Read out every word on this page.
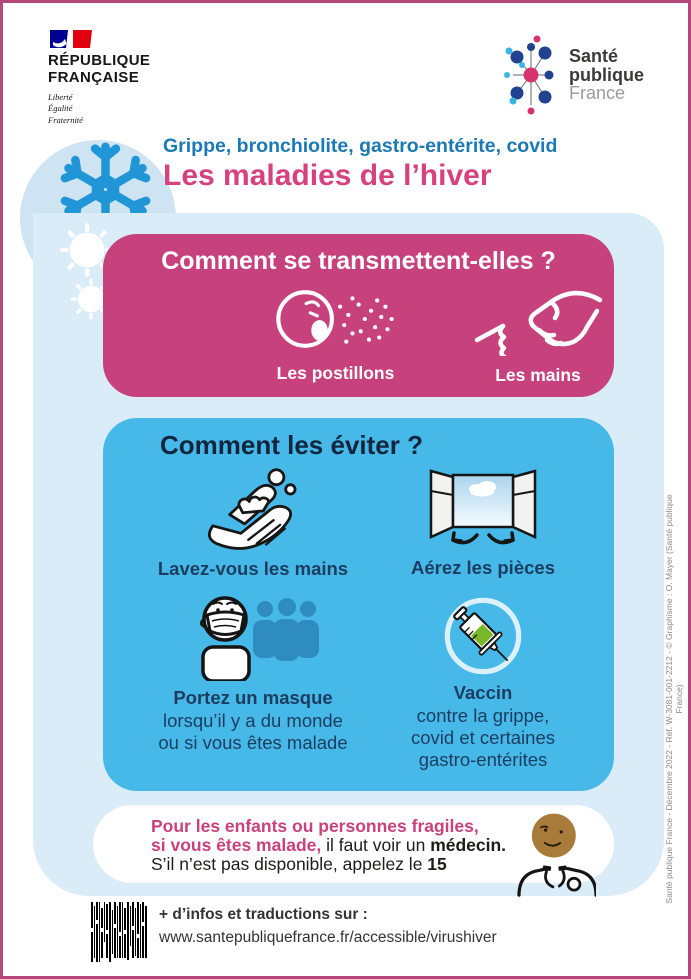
RÉPUBLIQUE
FRANÇAISE
Liberté
Égalité
Fraternité
Santé
publique
France
Grippe, bronchiolite, gastro-entérite, covid
Les maladies de l’hiver
Comment se transmettent-elles ?
Les postillons	Les mains
Comment les éviter ?
Lavez-vous les mains	Aérez les pièces
Portez un masque
lorsqu’il y a du monde
ou si vous êtes malade
Vaccin
contre la grippe,
covid et certaines
gastro-entérites
Pour les enfants ou personnes fragiles,
si vous êtes malade, il faut voir un médecin.
S’il n’est pas disponible, appelez le 15
+ d’infos et traductions sur :
www.santepubliquefrance.fr/accessible/virushiver
Santé publique France - Décembre 2022 - Réf. W-3081-001-2212 - © Graphisme : O. Mayer (Santé publique France)
